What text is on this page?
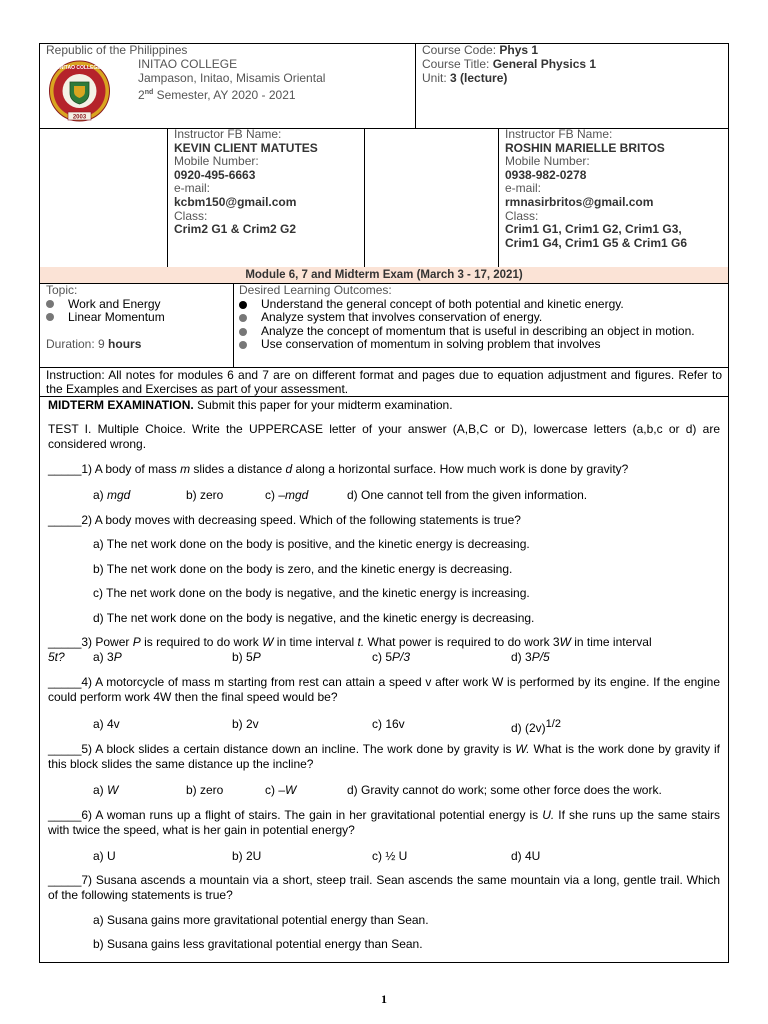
INITAO COLLEGE
2003
Republic of the Philippines
INITAO COLLEGE
Jampason, Initao, Misamis Oriental
2nd Semester, AY 2020 - 2021
Course Code: Phys 1
Course Title: General Physics 1
Unit: 3 (lecture)
Instructor FB Name:
KEVIN CLIENT MATUTES
Mobile Number:
0920-495-6663
e-mail:
kcbm150@gmail.com
Class:
Crim2 G1 & Crim2 G2
Instructor FB Name:
ROSHIN MARIELLE BRITOS
Mobile Number:
0938-982-0278
e-mail:
rmnasirbritos@gmail.com
Class:
Crim1 G1, Crim1 G2, Crim1 G3,
Crim1 G4, Crim1 G5 & Crim1 G6
Module 6, 7 and Midterm Exam (March 3 - 17, 2021)
Topic:
Work and Energy
Linear Momentum
Duration: 9 hours
Desired Learning Outcomes:
Understand the general concept of both potential and kinetic energy.
Analyze system that involves conservation of energy.
Analyze the concept of momentum that is useful in describing an object in motion.
Use conservation of momentum in solving problem that involves
Instruction: All notes for modules 6 and 7 are on different format and pages due to equation adjustment and figures. Refer to the Examples and Exercises as part of your assessment.
MIDTERM EXAMINATION. Submit this paper for your midterm examination.
TEST I. Multiple Choice. Write the UPPERCASE letter of your answer (A,B,C or D), lowercase letters (a,b,c or d) are considered wrong.
_____1) A body of mass m slides a distance d along a horizontal surface. How much work is done by gravity?
a) mgd	b) zero	c) –mgd	d) One cannot tell from the given information.
_____2) A body moves with decreasing speed. Which of the following statements is true?
a) The net work done on the body is positive, and the kinetic energy is decreasing.
b) The net work done on the body is zero, and the kinetic energy is decreasing.
c) The net work done on the body is negative, and the kinetic energy is increasing.
d) The net work done on the body is negative, and the kinetic energy is decreasing.
_____3) Power P is required to do work W in time interval t. What power is required to do work 3W in time interval
5t? a) 3P	b) 5P	c) 5P/3	d) 3P/5
_____4) A motorcycle of mass m starting from rest can attain a speed v after work W is performed by its engine. If the engine could perform work 4W then the final speed would be?
a) 4v	b) 2v	c) 16v	d) $(2v)^{1/2}$
_____5) A block slides a certain distance down an incline. The work done by gravity is W. What is the work done by gravity if this block slides the same distance up the incline?
a) W	b) zero	c) –W	d) Gravity cannot do work; some other force does the work.
_____6) A woman runs up a flight of stairs. The gain in her gravitational potential energy is U. If she runs up the same stairs with twice the speed, what is her gain in potential energy?
a) U	b) 2U	c) ½ U	d) 4U
_____7) Susana ascends a mountain via a short, steep trail. Sean ascends the same mountain via a long, gentle trail. Which of the following statements is true?
a) Susana gains more gravitational potential energy than Sean.
b) Susana gains less gravitational potential energy than Sean.
1
